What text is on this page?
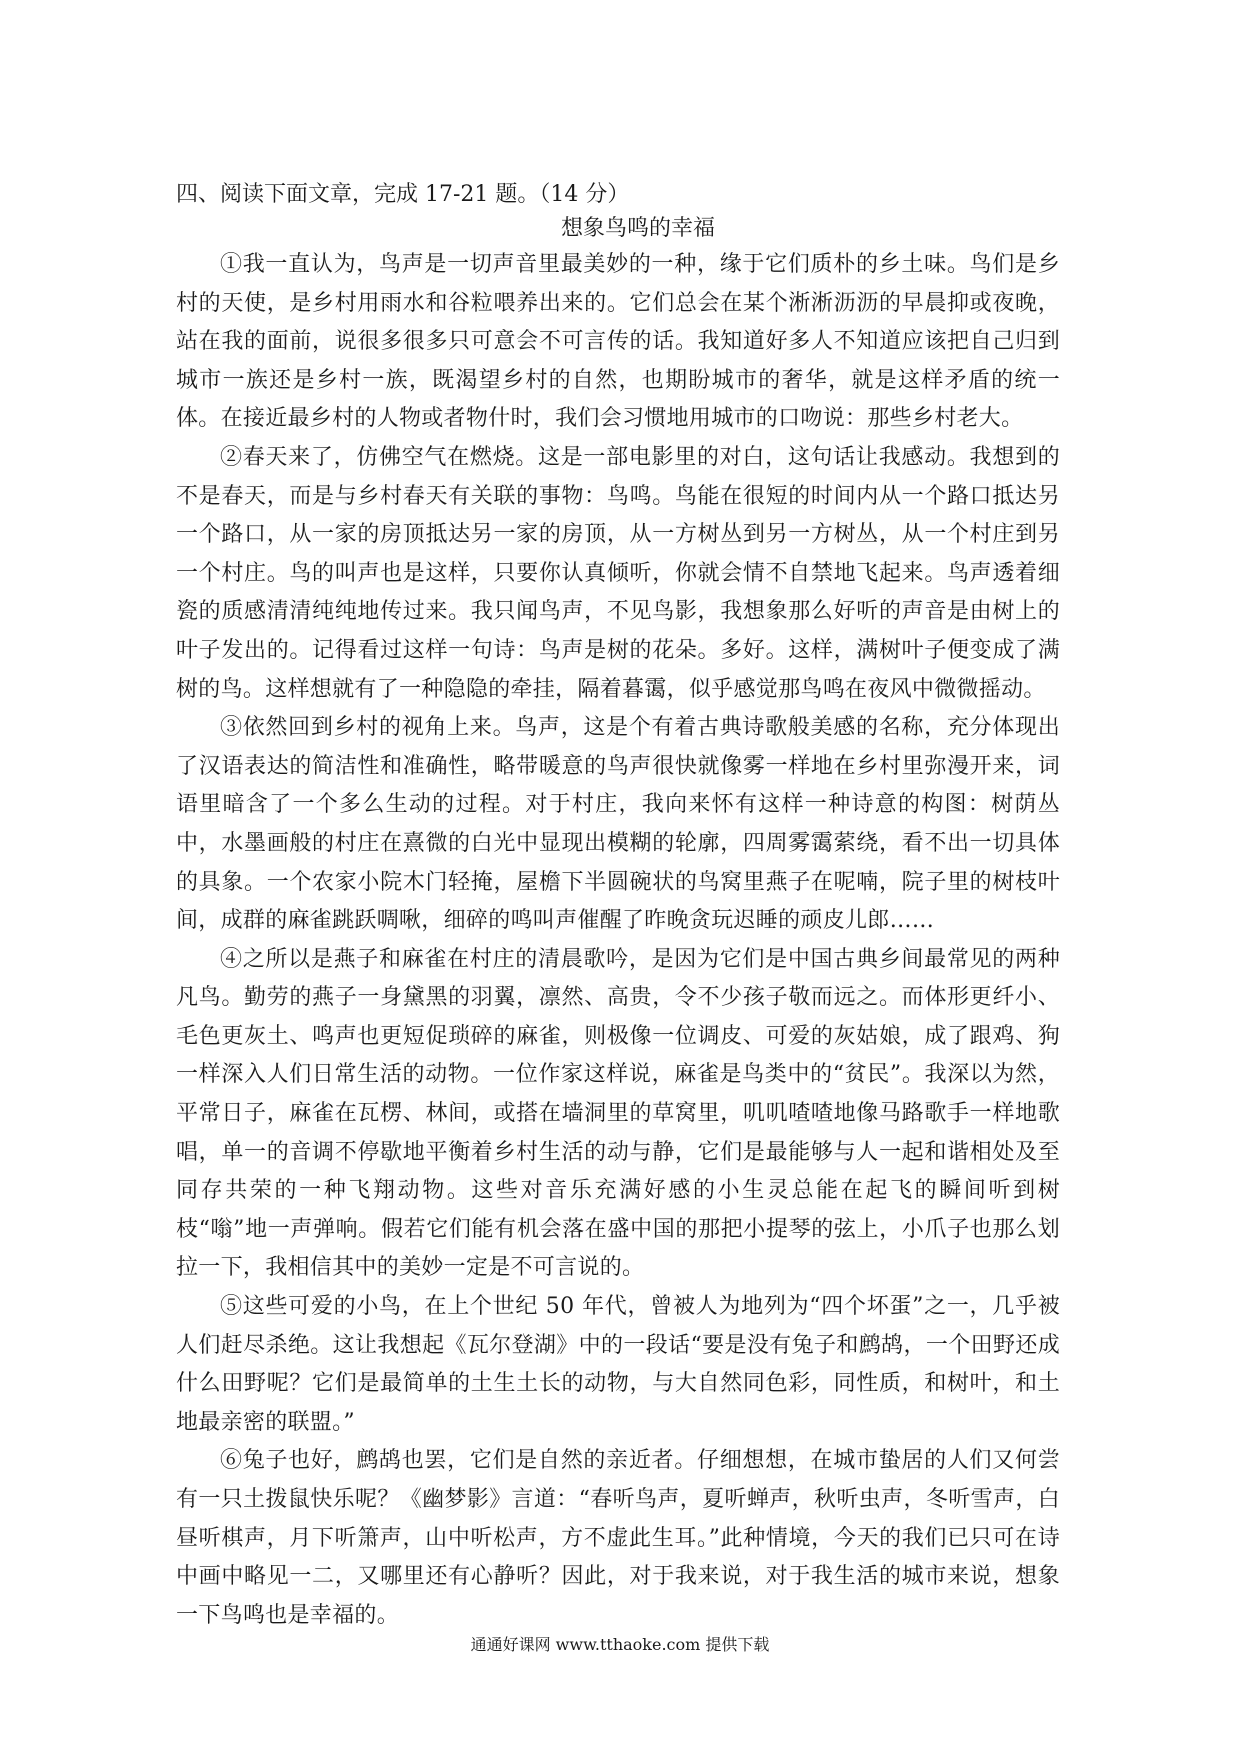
四、阅读下面文章，完成 17-21 题。（14 分）

想象鸟鸣的幸福

①我一直认为，鸟声是一切声音里最美妙的一种，缘于它们质朴的乡土味。鸟们是乡村的天使，是乡村用雨水和谷粒喂养出来的。它们总会在某个淅淅沥沥的早晨抑或夜晚，站在我的面前，说很多很多只可意会不可言传的话。我知道好多人不知道应该把自己归到城市一族还是乡村一族，既渴望乡村的自然，也期盼城市的奢华，就是这样矛盾的统一体。在接近最乡村的人物或者物什时，我们会习惯地用城市的口吻说：那些乡村老大。

②春天来了，仿佛空气在燃烧。这是一部电影里的对白，这句话让我感动。我想到的不是春天，而是与乡村春天有关联的事物：鸟鸣。鸟能在很短的时间内从一个路口抵达另一个路口，从一家的房顶抵达另一家的房顶，从一方树丛到另一方树丛，从一个村庄到另一个村庄。鸟的叫声也是这样，只要你认真倾听，你就会情不自禁地飞起来。鸟声透着细瓷的质感清清纯纯地传过来。我只闻鸟声，不见鸟影，我想象那么好听的声音是由树上的叶子发出的。记得看过这样一句诗：鸟声是树的花朵。多好。这样，满树叶子便变成了满树的鸟。这样想就有了一种隐隐的牵挂，隔着暮霭，似乎感觉那鸟鸣在夜风中微微摇动。

③依然回到乡村的视角上来。鸟声，这是个有着古典诗歌般美感的名称，充分体现出了汉语表达的简洁性和准确性，略带暖意的鸟声很快就像雾一样地在乡村里弥漫开来，词语里暗含了一个多么生动的过程。对于村庄，我向来怀有这样一种诗意的构图：树荫丛中，水墨画般的村庄在熹微的白光中显现出模糊的轮廓，四周雾霭萦绕，看不出一切具体的具象。一个农家小院木门轻掩，屋檐下半圆碗状的鸟窝里燕子在呢喃，院子里的树枝叶间，成群的麻雀跳跃啁啾，细碎的鸣叫声催醒了昨晚贪玩迟睡的顽皮儿郎……

④之所以是燕子和麻雀在村庄的清晨歌吟，是因为它们是中国古典乡间最常见的两种凡鸟。勤劳的燕子一身黛黑的羽翼，凛然、高贵，令不少孩子敬而远之。而体形更纤小、毛色更灰土、鸣声也更短促琐碎的麻雀，则极像一位调皮、可爱的灰姑娘，成了跟鸡、狗一样深入人们日常生活的动物。一位作家这样说，麻雀是鸟类中的“贫民”。我深以为然，平常日子，麻雀在瓦楞、林间，或搭在墙洞里的草窝里，叽叽喳喳地像马路歌手一样地歌唱，单一的音调不停歇地平衡着乡村生活的动与静，它们是最能够与人一起和谐相处及至同存共荣的一种飞翔动物。这些对音乐充满好感的小生灵总能在起飞的瞬间听到树枝“嗡”地一声弹响。假若它们能有机会落在盛中国的那把小提琴的弦上，小爪子也那么划拉一下，我相信其中的美妙一定是不可言说的。

⑤这些可爱的小鸟，在上个世纪 50 年代，曾被人为地列为“四个坏蛋”之一，几乎被人们赶尽杀绝。这让我想起《瓦尔登湖》中的一段话“要是没有兔子和鹧鸪，一个田野还成什么田野呢？它们是最简单的土生土长的动物，与大自然同色彩，同性质，和树叶，和土地最亲密的联盟。”

⑥兔子也好，鹧鸪也罢，它们是自然的亲近者。仔细想想，在城市蛰居的人们又何尝有一只土拨鼠快乐呢？《幽梦影》言道：“春听鸟声，夏听蝉声，秋听虫声，冬听雪声，白昼听棋声，月下听箫声，山中听松声，方不虚此生耳。”此种情境，今天的我们已只可在诗中画中略见一二，又哪里还有心静听？因此，对于我来说，对于我生活的城市来说，想象一下鸟鸣也是幸福的。

通通好课网 www.tthaoke.com 提供下载
